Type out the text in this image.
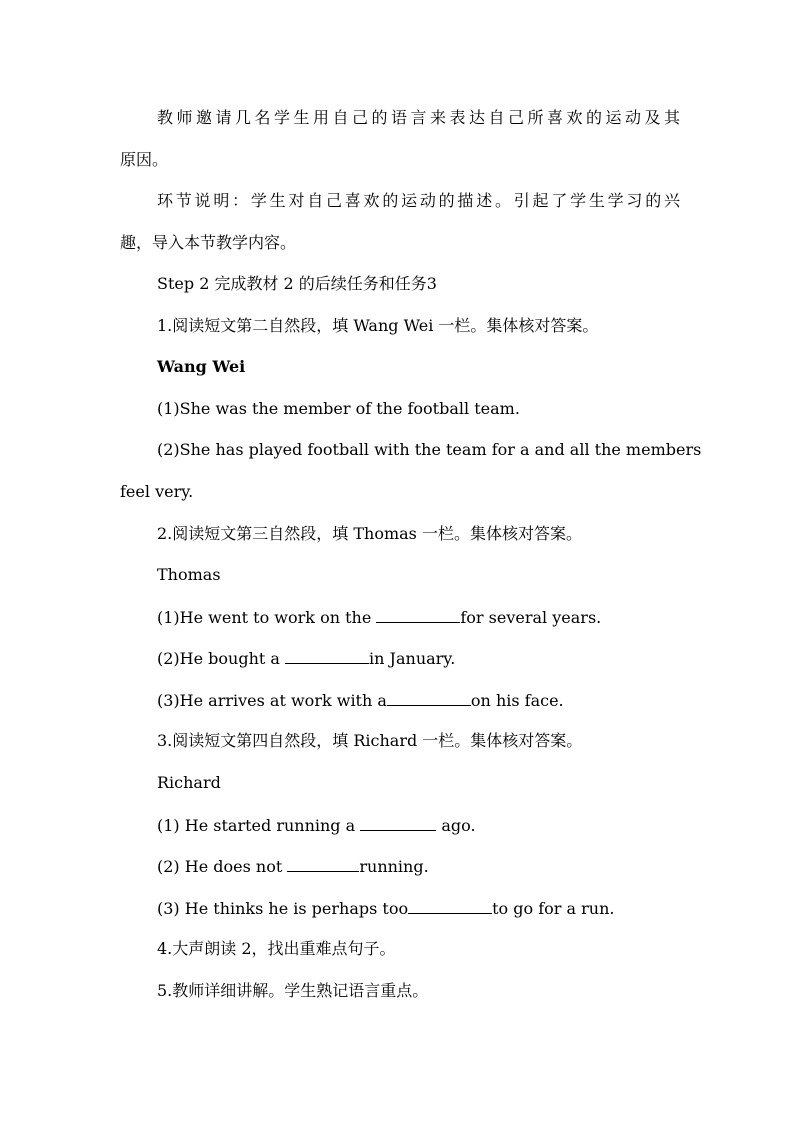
教师邀请几名学生用自己的语言来表达自己所喜欢的运动及其
原因。
环节说明：学生对自己喜欢的运动的描述。引起了学生学习的兴
趣，导入本节教学内容。
Step 2 完成教材 2 的后续任务和任务3
1.阅读短文第二自然段，填 Wang Wei 一栏。集体核对答案。
Wang Wei
(1)She was the member of the football team.
(2)She has played football with the team for a and all the members
feel very.
2.阅读短文第三自然段，填 Thomas 一栏。集体核对答案。
Thomas
(1)He went to work on the	for several years.
(2)He bought a	in January.
(3)He arrives at work with a	on his face.
3.阅读短文第四自然段，填 Richard 一栏。集体核对答案。
Richard
(1) He started running a	ago.
(2) He does not	running.
(3) He thinks he is perhaps too	to go for a run.
4.大声朗读 2，找出重难点句子。
5.教师详细讲解。学生熟记语言重点。
